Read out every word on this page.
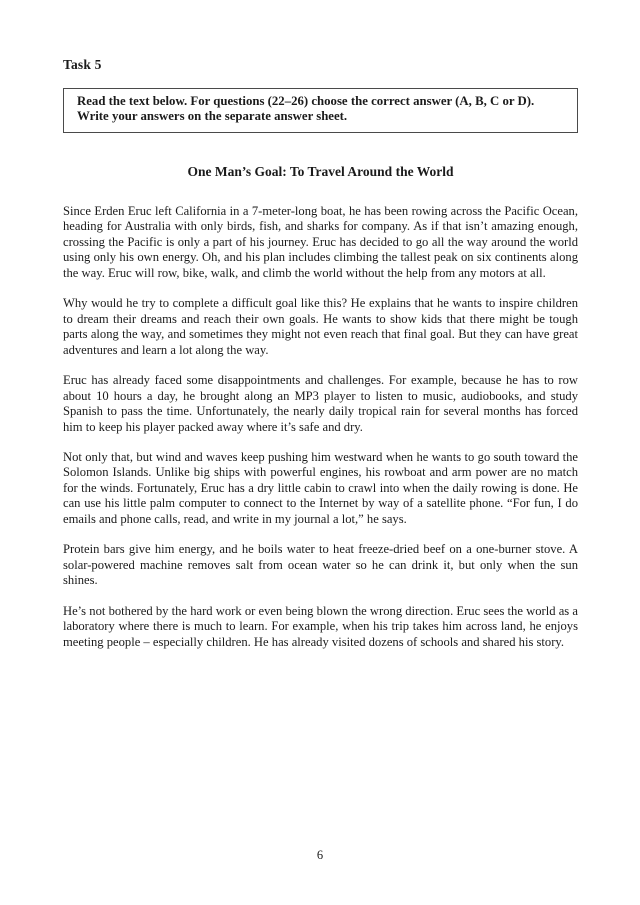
Task 5
Read the text below. For questions (22–26) choose the correct answer (A, B, C or D). Write your answers on the separate answer sheet.
One Man’s Goal: To Travel Around the World

Since Erden Eruc left California in a 7-meter-long boat, he has been rowing across the Pacific Ocean, heading for Australia with only birds, fish, and sharks for company. As if that isn’t amazing enough, crossing the Pacific is only a part of his journey. Eruc has decided to go all the way around the world using only his own energy. Oh, and his plan includes climbing the tallest peak on six continents along the way. Eruc will row, bike, walk, and climb the world without the help from any motors at all.

Why would he try to complete a difficult goal like this? He explains that he wants to inspire children to dream their dreams and reach their own goals. He wants to show kids that there might be tough parts along the way, and sometimes they might not even reach that final goal. But they can have great adventures and learn a lot along the way.

Eruc has already faced some disappointments and challenges. For example, because he has to row about 10 hours a day, he brought along an MP3 player to listen to music, audiobooks, and study Spanish to pass the time. Unfortunately, the nearly daily tropical rain for several months has forced him to keep his player packed away where it’s safe and dry.

Not only that, but wind and waves keep pushing him westward when he wants to go south toward the Solomon Islands. Unlike big ships with powerful engines, his rowboat and arm power are no match for the winds. Fortunately, Eruc has a dry little cabin to crawl into when the daily rowing is done. He can use his little palm computer to connect to the Internet by way of a satellite phone. “For fun, I do emails and phone calls, read, and write in my journal a lot,” he says.

Protein bars give him energy, and he boils water to heat freeze-dried beef on a one-burner stove. A solar-powered machine removes salt from ocean water so he can drink it, but only when the sun shines.

He’s not bothered by the hard work or even being blown the wrong direction. Eruc sees the world as a laboratory where there is much to learn. For example, when his trip takes him across land, he enjoys meeting people – especially children. He has already visited dozens of schools and shared his story.

6
